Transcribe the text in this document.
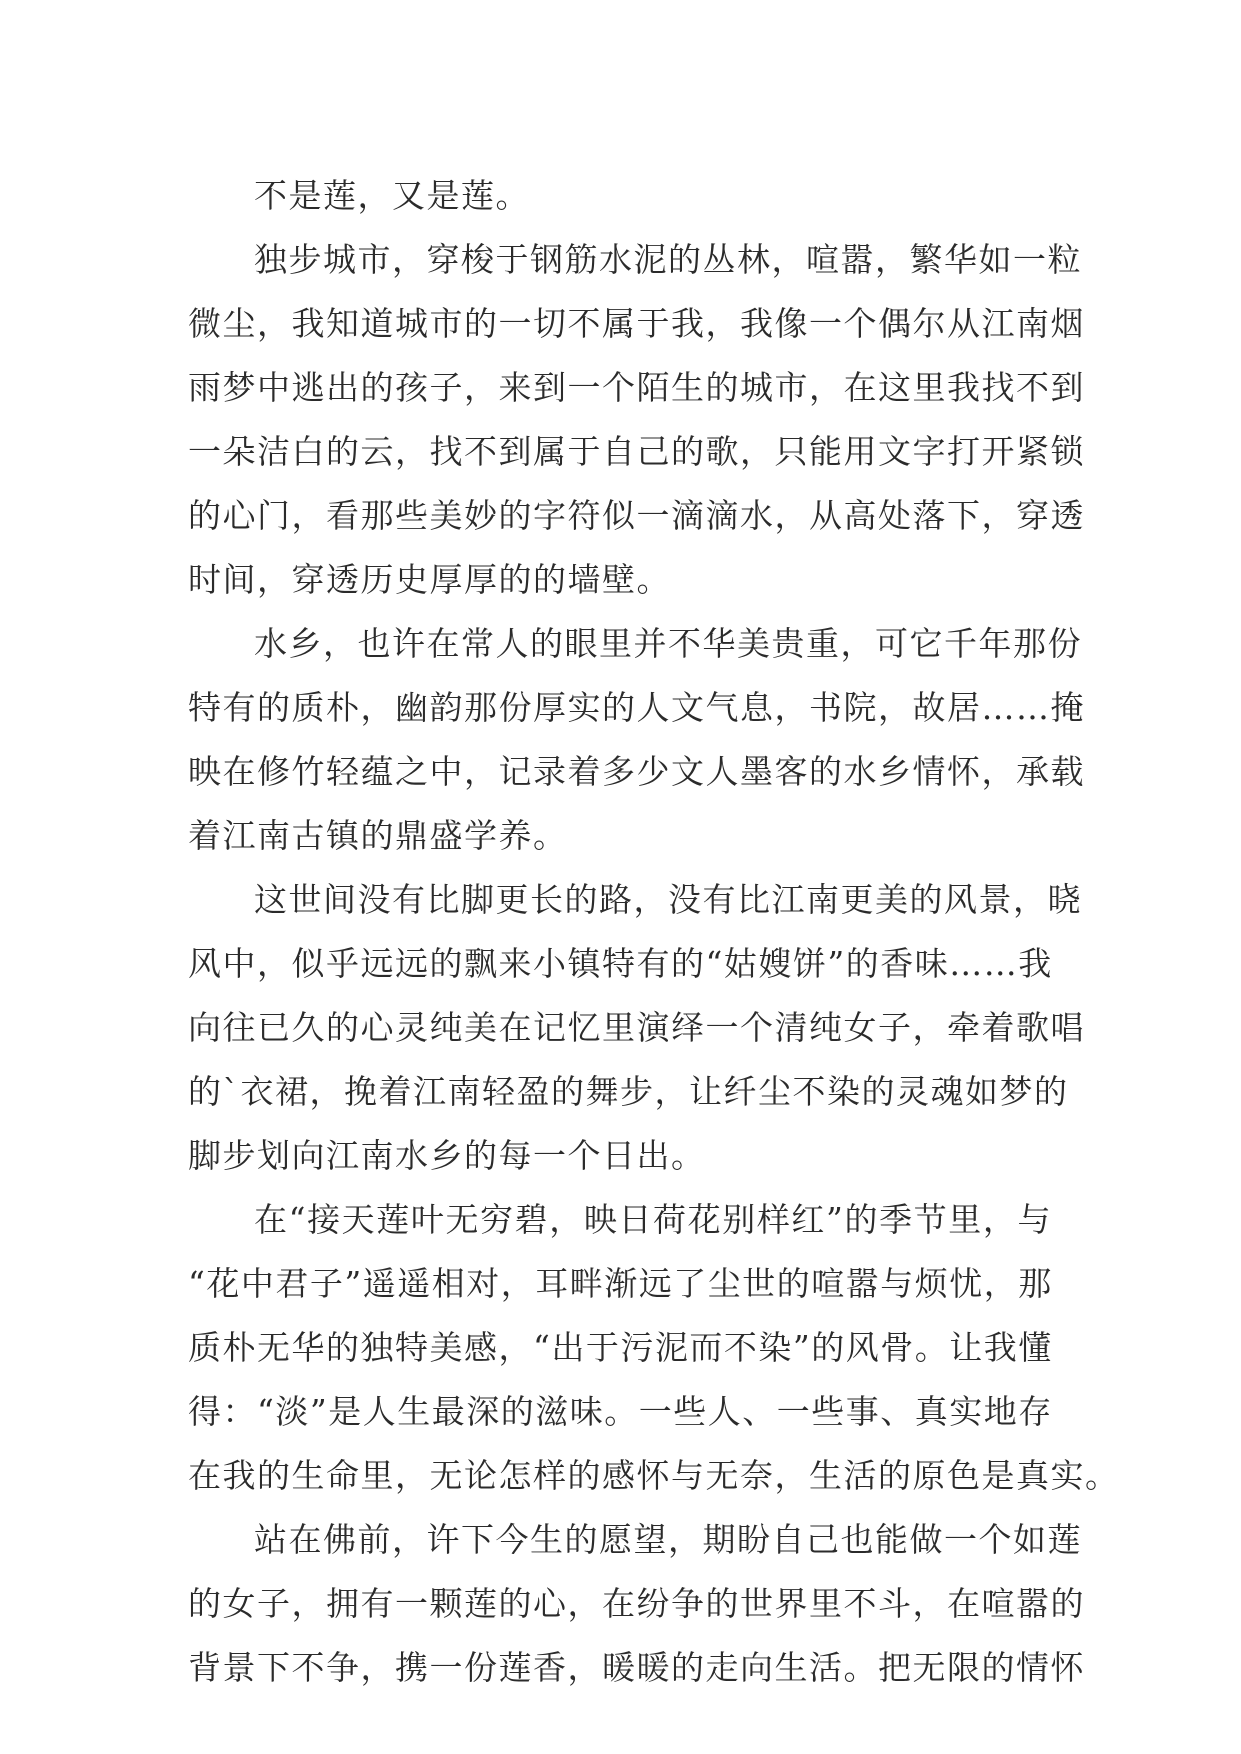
不是莲，又是莲。
独步城市，穿梭于钢筋水泥的丛林，喧嚣，繁华如一粒
微尘，我知道城市的一切不属于我，我像一个偶尔从江南烟
雨梦中逃出的孩子，来到一个陌生的城市，在这里我找不到
一朵洁白的云，找不到属于自己的歌，只能用文字打开紧锁
的心门，看那些美妙的字符似一滴滴水，从高处落下，穿透
时间，穿透历史厚厚的的墙壁。
水乡，也许在常人的眼里并不华美贵重，可它千年那份
特有的质朴，幽韵那份厚实的人文气息，书院，故居……掩
映在修竹轻蕴之中，记录着多少文人墨客的水乡情怀，承载
着江南古镇的鼎盛学养。
这世间没有比脚更长的路，没有比江南更美的风景，晓
风中，似乎远远的飘来小镇特有的“姑嫂饼”的香味……我
向往已久的心灵纯美在记忆里演绎一个清纯女子，牵着歌唱
的`衣裙，挽着江南轻盈的舞步，让纤尘不染的灵魂如梦的
脚步划向江南水乡的每一个日出。
在“接天莲叶无穷碧，映日荷花别样红”的季节里，与
“花中君子”遥遥相对，耳畔渐远了尘世的喧嚣与烦忧，那
质朴无华的独特美感，“出于污泥而不染”的风骨。让我懂
得：“淡”是人生最深的滋味。一些人、一些事、真实地存
在我的生命里，无论怎样的感怀与无奈，生活的原色是真实。
站在佛前，许下今生的愿望，期盼自己也能做一个如莲
的女子，拥有一颗莲的心，在纷争的世界里不斗，在喧嚣的
背景下不争，携一份莲香，暖暖的走向生活。把无限的情怀
